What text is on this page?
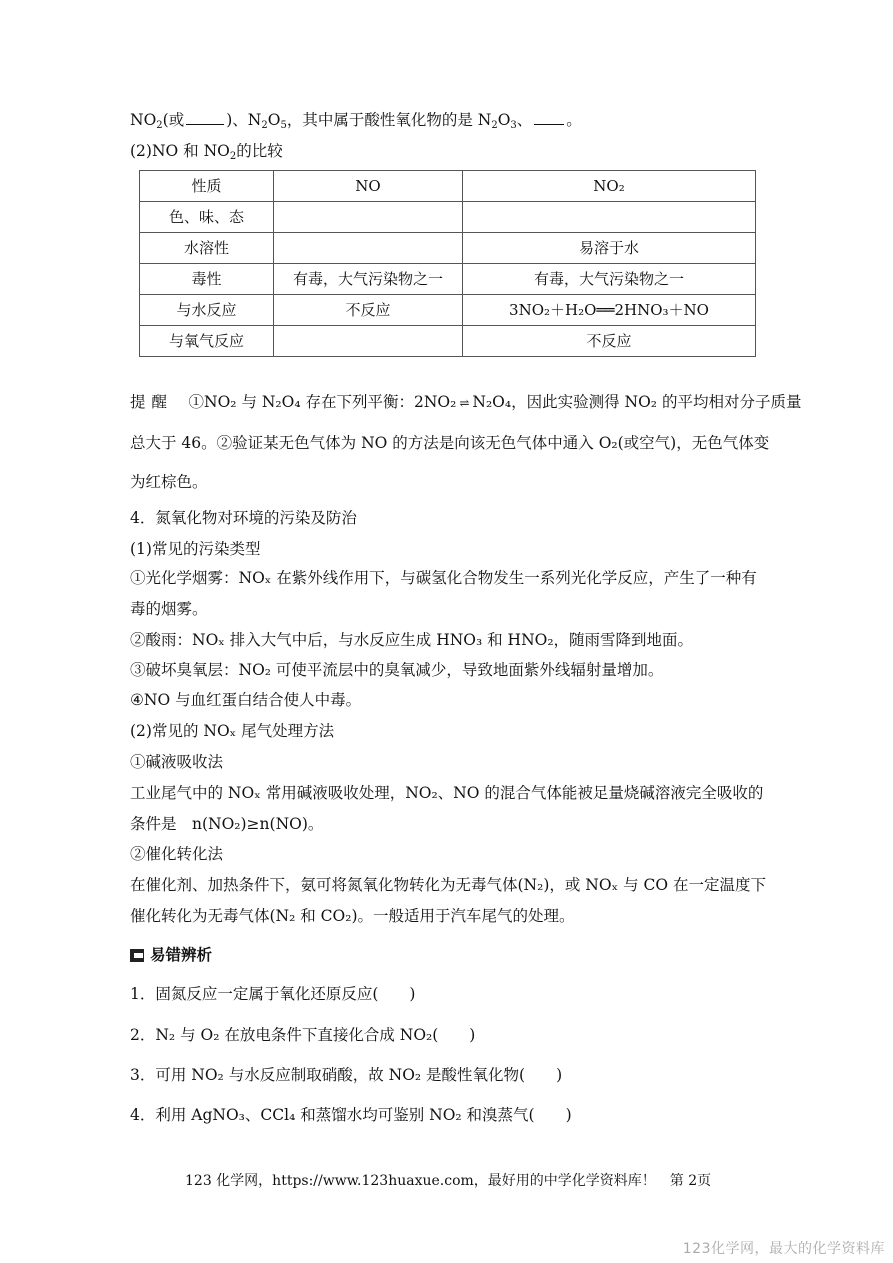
$NO_2$(或	)、$N_2O_5$，其中属于酸性氧化物的是 $N_2O_3$、 。
(2)NO 和 $NO_2$的比较
性质	NO	NO₂
色、味、态		
水溶性		易溶于水
毒性	有毒，大气污染物之一	有毒，大气污染物之一
与水反应	不反应	3NO₂＋H₂O══2HNO₃＋NO
与氧气反应		不反应
提醒　 ①NO₂ 与 N₂O₄ 存在下列平衡：2NO₂ ⇌ N₂O₄，因此实验测得 NO₂ 的平均相对分子质量
总大于 46。②验证某无色气体为 NO 的方法是向该无色气体中通入 O₂(或空气)，无色气体变
为红棕色。
4．氮氧化物对环境的污染及防治
(1)常见的污染类型
①光化学烟雾：NOₓ 在紫外线作用下，与碳氢化合物发生一系列光化学反应，产生了一种有
毒的烟雾。
②酸雨：NOₓ 排入大气中后，与水反应生成 HNO₃ 和 HNO₂，随雨雪降到地面。
③破坏臭氧层：NO₂ 可使平流层中的臭氧减少，导致地面紫外线辐射量增加。
④NO 与血红蛋白结合使人中毒。
(2)常见的 NOₓ 尾气处理方法
①碱液吸收法
工业尾气中的 NOₓ 常用碱液吸收处理，NO₂、NO 的混合气体能被足量烧碱溶液完全吸收的
条件是　n(NO₂)≥n(NO)。
②催化转化法
在催化剂、加热条件下，氨可将氮氧化物转化为无毒气体(N₂)，或 NOₓ 与 CO 在一定温度下
催化转化为无毒气体(N₂ 和 CO₂)。一般适用于汽车尾气的处理。
易错辨析
1．固氮反应一定属于氧化还原反应(　　)
2．N₂ 与 O₂ 在放电条件下直接化合成 NO₂(　　)
3．可用 NO₂ 与水反应制取硝酸，故 NO₂ 是酸性氧化物(　　)
4．利用 AgNO₃、CCl₄ 和蒸馏水均可鉴别 NO₂ 和溴蒸气(　　)
123 化学网，https://www.123huaxue.com，最好用的中学化学资料库！　第 2页
123化学网，最大的化学资料库
